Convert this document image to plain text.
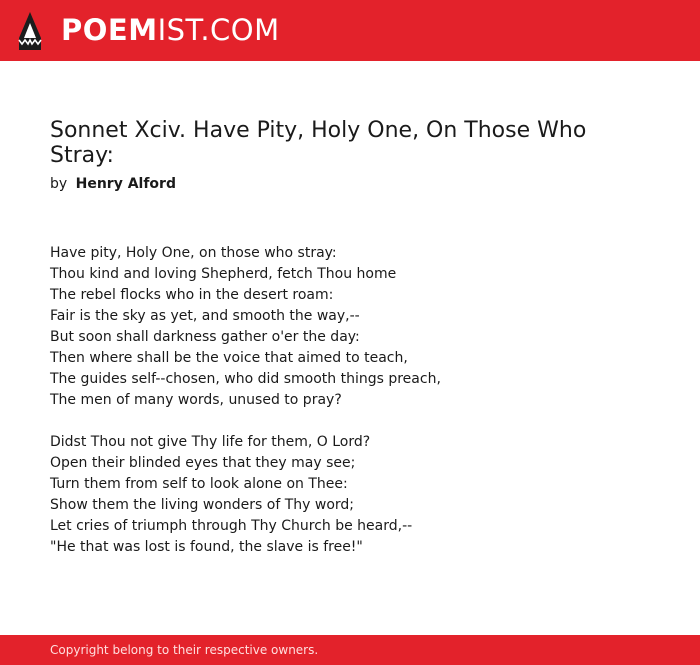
POEMIST.COM
Sonnet Xciv. Have Pity, Holy One, On Those Who Stray:
by Henry Alford
Have pity, Holy One, on those who stray:
Thou kind and loving Shepherd, fetch Thou home
The rebel flocks who in the desert roam:
Fair is the sky as yet, and smooth the way,--
But soon shall darkness gather o'er the day:
Then where shall be the voice that aimed to teach,
The guides self--chosen, who did smooth things preach,
The men of many words, unused to pray?
Didst Thou not give Thy life for them, O Lord?
Open their blinded eyes that they may see;
Turn them from self to look alone on Thee:
Show them the living wonders of Thy word;
Let cries of triumph through Thy Church be heard,--
"He that was lost is found, the slave is free!"
Copyright belong to their respective owners.
